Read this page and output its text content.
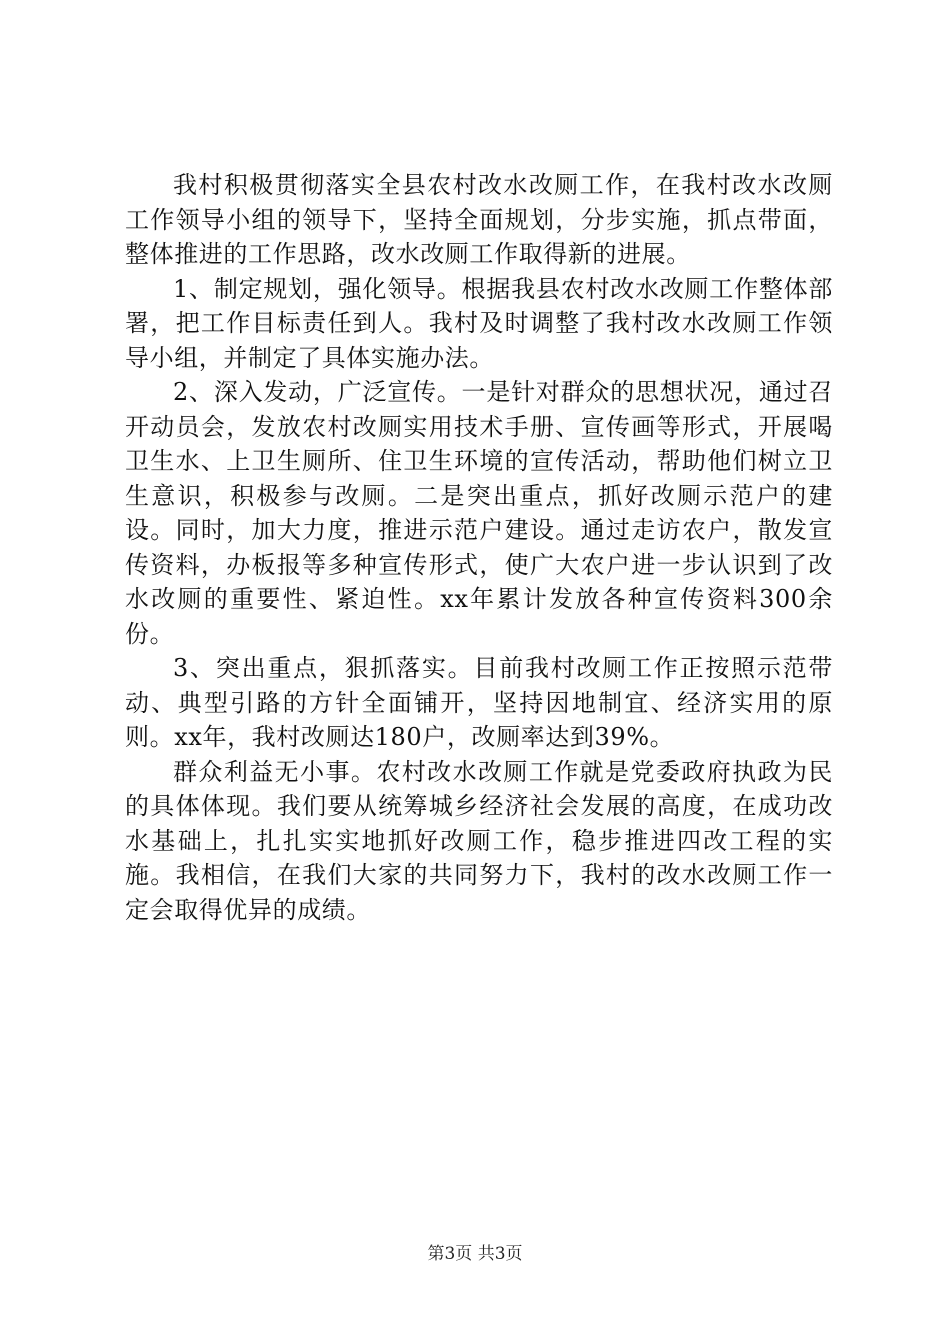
我村积极贯彻落实全县农村改水改厕工作，在我村改水改厕工作领导小组的领导下，坚持全面规划，分步实施，抓点带面，整体推进的工作思路，改水改厕工作取得新的进展。

1、制定规划，强化领导。根据我县农村改水改厕工作整体部署，把工作目标责任到人。我村及时调整了我村改水改厕工作领导小组，并制定了具体实施办法。

2、深入发动，广泛宣传。一是针对群众的思想状况，通过召开动员会，发放农村改厕实用技术手册、宣传画等形式，开展喝卫生水、上卫生厕所、住卫生环境的宣传活动，帮助他们树立卫生意识，积极参与改厕。二是突出重点，抓好改厕示范户的建设。同时，加大力度，推进示范户建设。通过走访农户，散发宣传资料，办板报等多种宣传形式，使广大农户进一步认识到了改水改厕的重要性、紧迫性。xx年累计发放各种宣传资料300余份。

3、突出重点，狠抓落实。目前我村改厕工作正按照示范带动、典型引路的方针全面铺开，坚持因地制宜、经济实用的原则。xx年，我村改厕达180户，改厕率达到39%。

群众利益无小事。农村改水改厕工作就是党委政府执政为民的具体体现。我们要从统筹城乡经济社会发展的高度，在成功改水基础上，扎扎实实地抓好改厕工作，稳步推进四改工程的实施。我相信，在我们大家的共同努力下，我村的改水改厕工作一定会取得优异的成绩。

第3页 共3页
